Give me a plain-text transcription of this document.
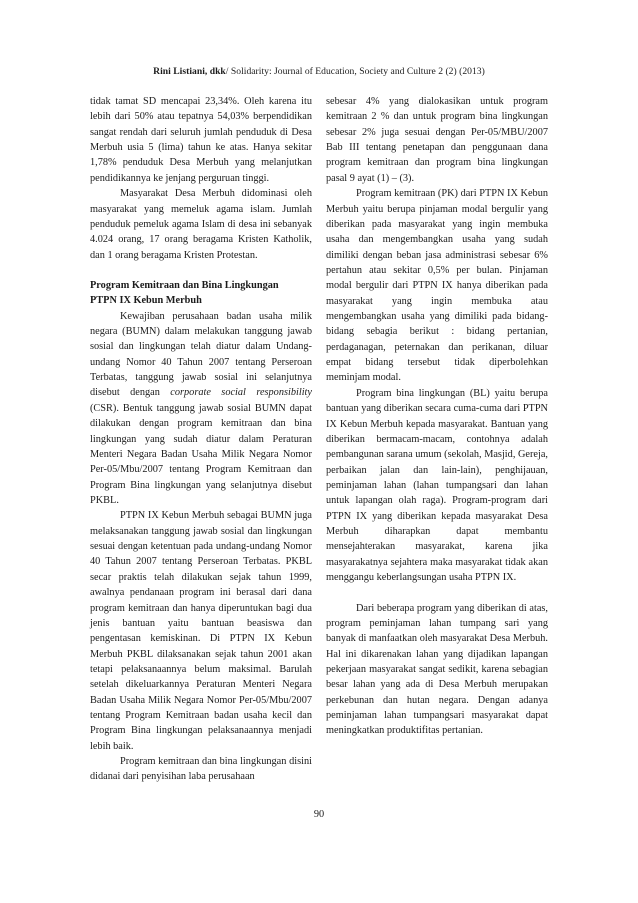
Rini Listiani, dkk/ Solidarity: Journal of Education, Society and Culture 2 (2) (2013)

tidak tamat SD mencapai 23,34%. Oleh karena itu lebih dari 50% atau tepatnya 54,03% berpendidikan sangat rendah dari seluruh jumlah penduduk di Desa Merbuh usia 5 (lima) tahun ke atas. Hanya sekitar 1,78% penduduk Desa Merbuh yang melanjutkan pendidikannya ke jenjang perguruan tinggi.

Masyarakat Desa Merbuh didominasi oleh masyarakat yang memeluk agama islam. Jumlah penduduk pemeluk agama Islam di desa ini sebanyak 4.024 orang, 17 orang beragama Kristen Katholik, dan 1 orang beragama Kristen Protestan.

Program Kemitraan dan Bina Lingkungan

PTPN IX Kebun Merbuh

Kewajiban perusahaan badan usaha milik negara (BUMN) dalam melakukan tanggung jawab sosial dan lingkungan telah diatur dalam Undang-undang Nomor 40 Tahun 2007 tentang Perseroan Terbatas, tanggung jawab sosial ini selanjutnya disebut dengan corporate social responsibility (CSR). Bentuk tanggung jawab sosial BUMN dapat dilakukan dengan program kemitraan dan bina lingkungan yang sudah diatur dalam Peraturan Menteri Negara Badan Usaha Milik Negara Nomor Per-05/Mbu/2007 tentang Program Kemitraan dan Program Bina lingkungan yang selanjutnya disebut PKBL.

PTPN IX Kebun Merbuh sebagai BUMN juga melaksanakan tanggung jawab sosial dan lingkungan sesuai dengan ketentuan pada undang-undang Nomor 40 Tahun 2007 tentang Perseroan Terbatas. PKBL secar praktis telah dilakukan sejak tahun 1999, awalnya pendanaan program ini berasal dari dana program kemitraan dan hanya diperuntukan bagi dua jenis bantuan yaitu bantuan beasiswa dan pengentasan kemiskinan. Di PTPN IX Kebun Merbuh PKBL dilaksanakan sejak tahun 2001 akan tetapi pelaksanaannya belum maksimal. Barulah setelah dikeluarkannya Peraturan Menteri Negara Badan Usaha Milik Negara Nomor Per-05/Mbu/2007 tentang Program Kemitraan badan usaha kecil dan Program Bina lingkungan pelaksanaannya menjadi lebih baik.

Program kemitraan dan bina lingkungan disini didanai dari penyisihan laba perusahaan

sebesar 4% yang dialokasikan untuk program kemitraan 2 % dan untuk program bina lingkungan sebesar 2% juga sesuai dengan Per-05/MBU/2007 Bab III tentang penetapan dan penggunaan dana program kemitraan dan program bina lingkungan pasal 9 ayat (1) – (3).

Program kemitraan (PK) dari PTPN IX Kebun Merbuh yaitu berupa pinjaman modal bergulir yang diberikan pada masyarakat yang ingin membuka usaha dan mengembangkan usaha yang sudah dimiliki dengan beban jasa administrasi sebesar 6% pertahun atau sekitar 0,5% per bulan. Pinjaman modal bergulir dari PTPN IX hanya diberikan pada masyarakat yang ingin membuka atau mengembangkan usaha yang dimiliki pada bidang-bidang sebagia berikut : bidang pertanian, perdaganagan, peternakan dan perikanan, diluar empat bidang tersebut tidak diperbolehkan meminjam modal.

Program bina lingkungan (BL) yaitu berupa bantuan yang diberikan secara cuma-cuma dari PTPN IX Kebun Merbuh kepada masyarakat. Bantuan yang diberikan bermacam-macam, contohnya adalah pembangunan sarana umum (sekolah, Masjid, Gereja, perbaikan jalan dan lain-lain), penghijauan, peminjaman lahan (lahan tumpangsari dan lahan untuk lapangan olah raga). Program-program dari PTPN IX yang diberikan kepada masyarakat Desa Merbuh diharapkan dapat membantu mensejahterakan masyarakat, karena jika masyarakatnya sejahtera maka masyarakat tidak akan menggangu keberlangsungan usaha PTPN IX.

Dari beberapa program yang diberikan di atas, program peminjaman lahan tumpang sari yang banyak di manfaatkan oleh masyarakat Desa Merbuh. Hal ini dikarenakan lahan yang dijadikan lapangan pekerjaan masyarakat sangat sedikit, karena sebagian besar lahan yang ada di Desa Merbuh merupakan perkebunan dan hutan negara. Dengan adanya peminjaman lahan tumpangsari masyarakat dapat meningkatkan produktifitas pertanian.

90
